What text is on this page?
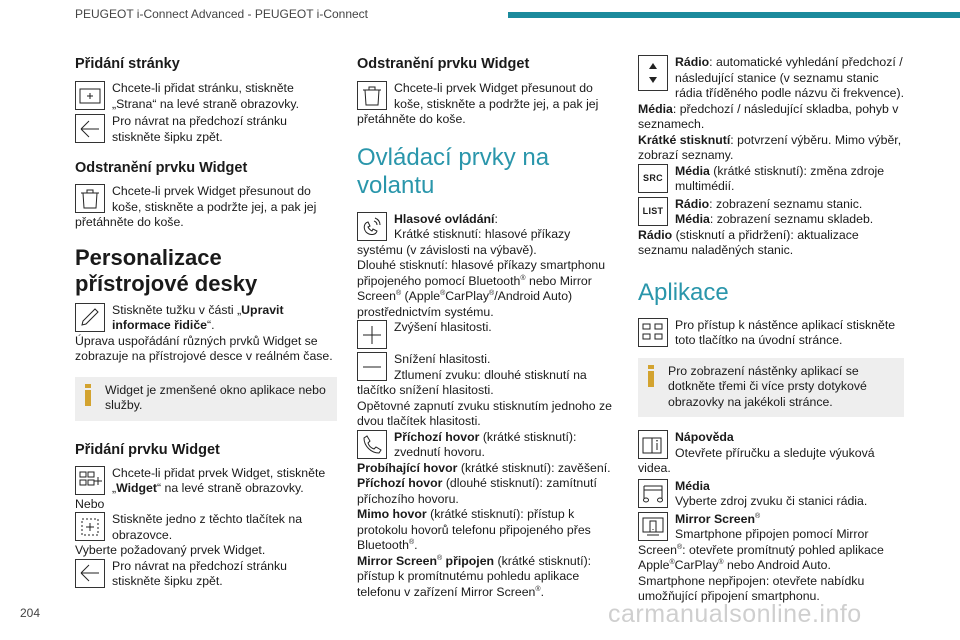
PEUGEOT i-Connect Advanced - PEUGEOT i-Connect
Přidání stránky

Chcete-li přidat stránku, stiskněte „Strana“ na levé straně obrazovky.

Pro návrat na předchozí stránku stiskněte šipku zpět.

Odstranění prvku Widget

Chcete-li prvek Widget přesunout do koše, stiskněte a podržte jej, a pak jej přetáhněte do koše.

Personalizace přístrojové desky

Stiskněte tužku v části „Upravit informace řidiče“.

Úprava uspořádání různých prvků Widget se zobrazuje na přístrojové desce v reálném čase.

Widget je zmenšené okno aplikace nebo služby.
Přidání prvku Widget

Chcete-li přidat prvek Widget, stiskněte „Widget“ na levé straně obrazovky.

Nebo

Stiskněte jedno z těchto tlačítek na obrazovce.

Vyberte požadovaný prvek Widget.

Pro návrat na předchozí stránku stiskněte šipku zpět.

Odstranění prvku Widget

Chcete-li prvek Widget přesunout do koše, stiskněte a podržte jej, a pak jej přetáhněte do koše.

Ovládací prvky na volantu

Hlasové ovládání:
Krátké stisknutí: hlasové příkazy systému (v závislosti na výbavě).
Dlouhé stisknutí: hlasové příkazy smartphonu připojeného pomocí Bluetooth® nebo Mirror Screen® (Apple®CarPlay®/Android Auto) prostřednictvím systému.

Zvýšení hlasitosti.

Snížení hlasitosti.
Ztlumení zvuku: dlouhé stisknutí na tlačítko snížení hlasitosti.
Opětovné zapnutí zvuku stisknutím jednoho ze dvou tlačítek hlasitosti.

Příchozí hovor (krátké stisknutí): zvednutí hovoru.
Probíhající hovor (krátké stisknutí): zavěšení.
Příchozí hovor (dlouhé stisknutí): zamítnutí příchozího hovoru.
Mimo hovor (krátké stisknutí): přístup k protokolu hovorů telefonu připojeného přes Bluetooth®.
Mirror Screen® připojen (krátké stisknutí): přístup k promítnutému pohledu aplikace telefonu v zařízení Mirror Screen®.

Rádio: automatické vyhledání předchozí / následující stanice (v seznamu stanic rádia tříděného podle názvu či frekvence).
Média: předchozí / následující skladba, pohyb v seznamech.
Krátké stisknutí: potvrzení výběru. Mimo výběr, zobrazí seznamy.

SRC

Média (krátké stisknutí): změna zdroje multimédií.

LIST

Rádio: zobrazení seznamu stanic.
Média: zobrazení seznamu skladeb.
Rádio (stisknutí a přidržení): aktualizace seznamu naladěných stanic.

Aplikace

Pro přístup k nástěnce aplikací stiskněte toto tlačítko na úvodní stránce.

Pro zobrazení nástěnky aplikací se dotkněte třemi či více prsty dotykové obrazovky na jakékoli stránce.

Nápověda
Otevřete příručku a sledujte výuková videa.

Média
Vyberte zdroj zvuku či stanici rádia.

Mirror Screen®
Smartphone připojen pomocí Mirror Screen®: otevřete promítnutý pohled aplikace Apple®CarPlay® nebo Android Auto.
Smartphone nepřipojen: otevřete nabídku umožňující připojení smartphonu.

204	carmanualsonline.info
